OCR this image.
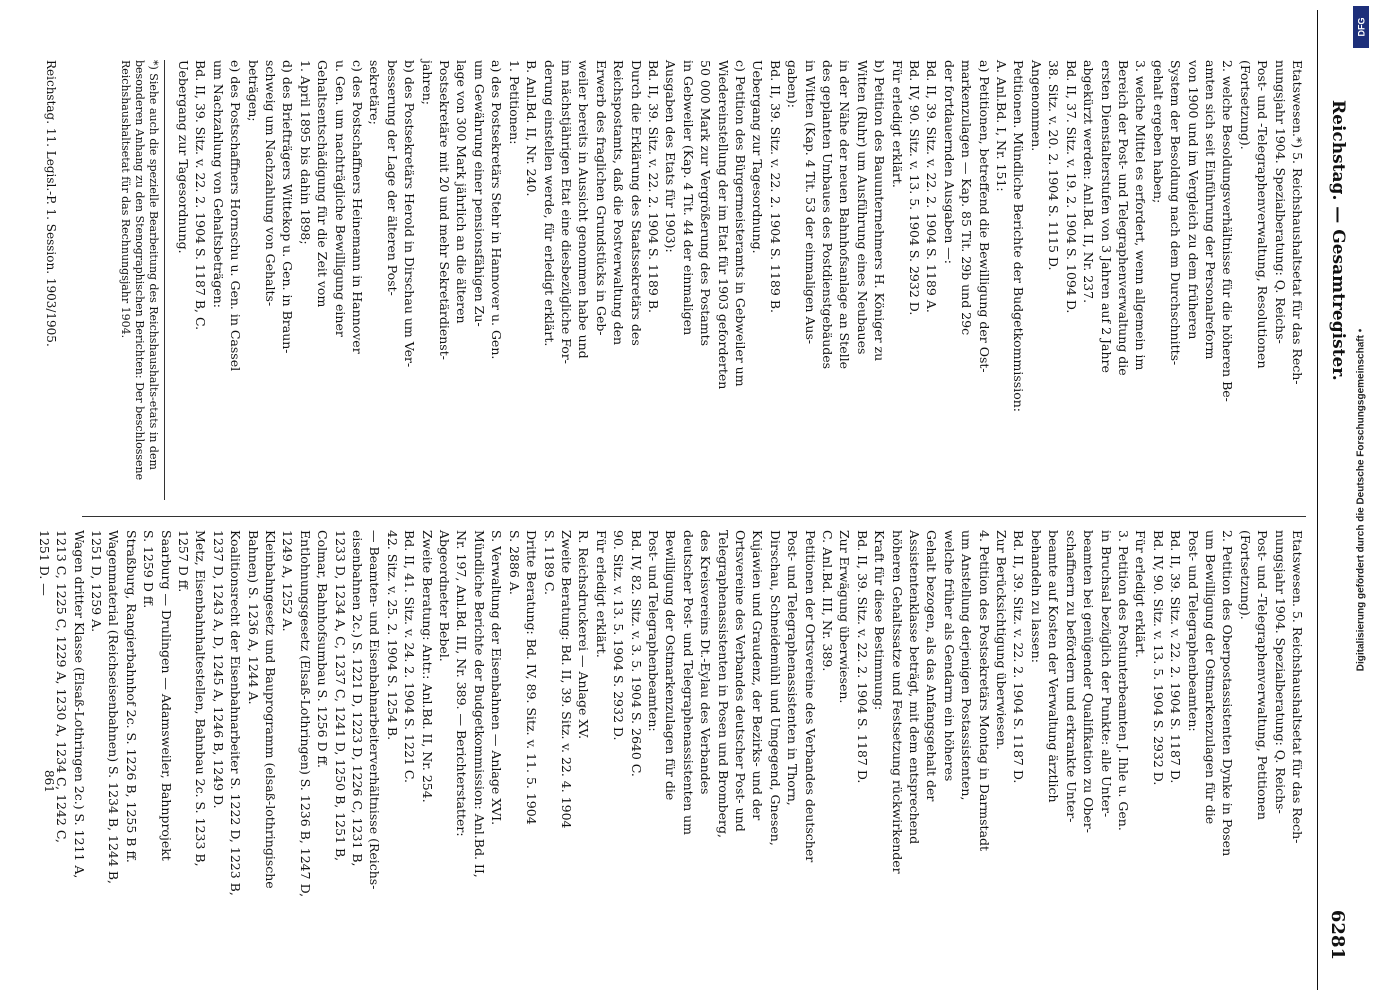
Reichstag. — Gesamtregister.
6281

Etatswesen.*) 5. Reichshaushaltsetat für das Rech-

nungsjahr 1904. Spezialberatung: Q. Reichs-

Post- und -Telegraphenverwaltung, Resolutionen

(Fortsetzung).

2. welche Besoldungsverhältnisse für die höheren Be-

amten sich seit Einführung der Personalreform

von 1900 und im Vergleich zu dem früheren

System der Besoldung nach dem Durchschnitts-

gehalt ergeben haben;

3. welche Mittel es erfordert, wenn allgemein im

Bereich der Post- und Telegraphenverwaltung die

ersten Dienstalterstufen von 3 Jahren auf 2 Jahre

abgekürzt werden: Anl.Bd. II, Nr. 237.

Bd. II, 37. Sitz. v. 19. 2. 1904 S. 1094 D.

38. Sitz. v. 20. 2. 1904 S. 1115 D.

Angenommen.

Petitionen. Mündliche Berichte der Budgetkommission:

A. Anl.Bd. I, Nr. 151:

a) Petitionen, betreffend die Bewilligung der Ost-

markenzulagen — Kap. 85 Tit. 29b und 29c

der fortdauernden Ausgaben —:

Bd. II, 39. Sitz. v. 22. 2. 1904 S. 1189 A.

Bd. IV, 90. Sitz. v. 13. 5. 1904 S. 2932 D.

Für erledigt erklärt.

b) Petition des Bauunternehmers H. Königer zu

Witten (Ruhr) um Ausführung eines Neubaues

in der Nähe der neuen Bahnhofsanlage an Stelle

des geplanten Umbaues des Postdienstgebäudes

in Witten (Kap. 4 Tit. 53 der einmaligen Aus-

gaben):

Bd. II, 39. Sitz. v. 22. 2. 1904 S. 1189 B.

Uebergang zur Tagesordnung.

c) Petition des Bürgermeisteramts in Gebweiler um

Wiedereinstellung der im Etat für 1903 geforderten

50 000 Mark zur Vergrößerung des Postamts

in Gebweiler (Kap. 4 Tit. 44 der einmaligen

Ausgaben des Etats für 1903):

Bd. II, 39. Sitz. v. 22. 2. 1904 S. 1189 B.

Durch die Erklärung des Staatssekretärs des

Reichspostamts, daß die Postverwaltung den

Erwerb des fraglichen Grundstücks in Geb-

weiler bereits in Aussicht genommen habe und

im nächstjährigen Etat eine diesbezügliche For-

derung einstellen werde, für erledigt erklärt.

B. Anl.Bd. II, Nr. 240.

1. Petitionen:

a) des Postsekretärs Stehr in Hannover u. Gen.

um Gewährung einer pensionsfähigen Zu-

lage von 300 Mark jährlich an die älteren

Postsekretäre mit 20 und mehr Sekretärdienst-

jahren;

b) des Postsekretärs Herold in Dirschau um Ver-

besserung der Lage der älteren Post-

sekretäre;

c) des Postschaffners Heinemann in Hannover

u. Gen. um nachträgliche Bewilligung einer

Gehaltsentschädigung für die Zeit vom

1. April 1895 bis dahin 1898;

d) des Briefträgers Wittekop u. Gen. in Braun-

schweig um Nachzahlung von Gehalts-

beträgen;

e) des Postschaffners Hornschu u. Gen. in Cassel

um Nachzahlung von Gehaltsbeträgen:

Bd. II, 39. Sitz. v. 22. 2. 1904 S. 1187 B, C.

Uebergang zur Tagesordnung.

*) Siehe auch die spezielle Bearbeitung des Reichshaushalts-etats in dem besonderen Anhang zu den Stenographischen Berichten: Der beschlossene Reichshaushaltsetat für das Rechnungsjahr 1904.

Etatswesen. 5. Reichshaushaltsetat für das Rech-

nungsjahr 1904. Spezialberatung: Q. Reichs-

Post- und -Telegraphenverwaltung, Petitionen

(Fortsetzung).

2. Petition des Oberpostassistenten Dynke in Posen

um Bewilligung der Ostmarkenzulagen für die

Post- und Telegraphenbeamten:

Bd. II, 39. Sitz. v. 22. 2. 1904 S. 1187 D.

Bd. IV, 90. Sitz. v. 13. 5. 1904 S. 2932 D.

Für erledigt erklärt.

3. Petition des Postunterbeamten J. Ihle u. Gen.

in Bruchsal bezüglich der Punkte: alle Unter-

beamten bei genügender Qualifikation zu Ober-

schaffnern zu befördern und erkrankte Unter-

beamte auf Kosten der Verwaltung ärztlich

behandeln zu lassen:

Bd. II, 39. Sitz. v. 22. 2. 1904 S. 1187 D.

Zur Berücksichtigung überwiesen.

4. Petition des Postsekretärs Montag in Darmstadt

um Anstellung derjenigen Postassistenten,

welche früher als Gendarm ein höheres

Gehalt bezogen, als das Anfangsgehalt der

Assistentenklasse beträgt, mit dem entsprechend

höheren Gehaltssatze und Festsetzung rückwirkender

Kraft für diese Bestimmung:

Bd. II, 39. Sitz. v. 22. 2. 1904 S. 1187 D.

Zur Erwägung überwiesen.

C. Anl.Bd. III, Nr. 389.

Petitionen der Ortsvereine des Verbandes deutscher

Post- und Telegraphenassistenten in Thorn,

Dirschau, Schneidemühl und Umgegend, Gnesen,

Kujawien und Graudenz, der Bezirks- und der

Ortsvereine des Verbandes deutscher Post- und

Telegraphenassistenten in Posen und Bromberg,

des Kreisvereins Dt.-Eylau des Verbandes

deutscher Post- und Telegraphenassistenten um

Bewilligung der Ostmarkenzulagen für die

Post- und Telegraphenbeamten:

Bd. IV, 82. Sitz. v. 3. 5. 1904 S. 2640 C.

90. Sitz. v. 13. 5. 1904 S. 2932 D.

Für erledigt erklärt.

R. Reichsdruckerei — Anlage XV.

Zweite Beratung: Bd. II, 39. Sitz. v. 22. 4. 1904

S. 1189 C.

Dritte Beratung: Bd. IV, 89. Sitz. v. 11. 5. 1904

S. 2886 A.

S. Verwaltung der Eisenbahnen — Anlage XVI.

Mündliche Berichte der Budgetkommission: Anl.Bd. II,

Nr. 197, Anl.Bd. III, Nr. 389. — Berichterstatter:

Abgeordneter Bebel.

Zweite Beratung: Antr.: Anl.Bd. II, Nr. 254.

Bd. II, 41. Sitz. v. 24. 2. 1904 S. 1221 C.

42. Sitz. v. 25. 2. 1904 S. 1254 B.

— Beamten- und Eisenbahnarbeiterverhältnisse (Reichs-

eisenbahnen 2c.) S. 1221 D, 1223 D, 1226 C, 1231 B,

1233 D, 1234 A, C, 1237 C, 1241 D, 1250 B, 1251 B,

Colmar, Bahnhofsumbau S. 1256 D ff.

Entlohnungsgesetz (Elsaß-Lothringen) S. 1236 B, 1247 D,

1249 A, 1252 A.

Kleinbahngesetz und Bauprogramm (elsaß-lothringische

Bahnen) S. 1236 A, 1244 A.

Koalitionsrecht der Eisenbahnarbeiter S. 1222 D, 1223 B,

1237 D, 1243 A, D, 1245 A, 1246 B, 1249 D.

Metz, Eisenbahnhaltestellen, Bahnbau 2c. S. 1233 B,

1257 D ff.

Saarburg — Drulingen — Adamsweiler, Bahnprojekt

S. 1259 D ff.

Straßburg, Rangierbahnhof 2c. S. 1226 B, 1255 B ff.

Wagenmaterial (Reichseisenbahnen) S. 1234 B, 1244 B,

1251 D, 1259 A.

Wagen dritter Klasse (Elsaß-Lothringen 2c.) S. 1211 A,

1213 C, 1225 C, 1229 A, 1230 A, 1234 C, 1242 C,

1251 D. —

Reichstag. 11. Legisl.-P. 1. Session. 1903/1905.
861
Digitalisierung gefördert durch die Deutsche Forschungsgemeinschaft •
DFG
